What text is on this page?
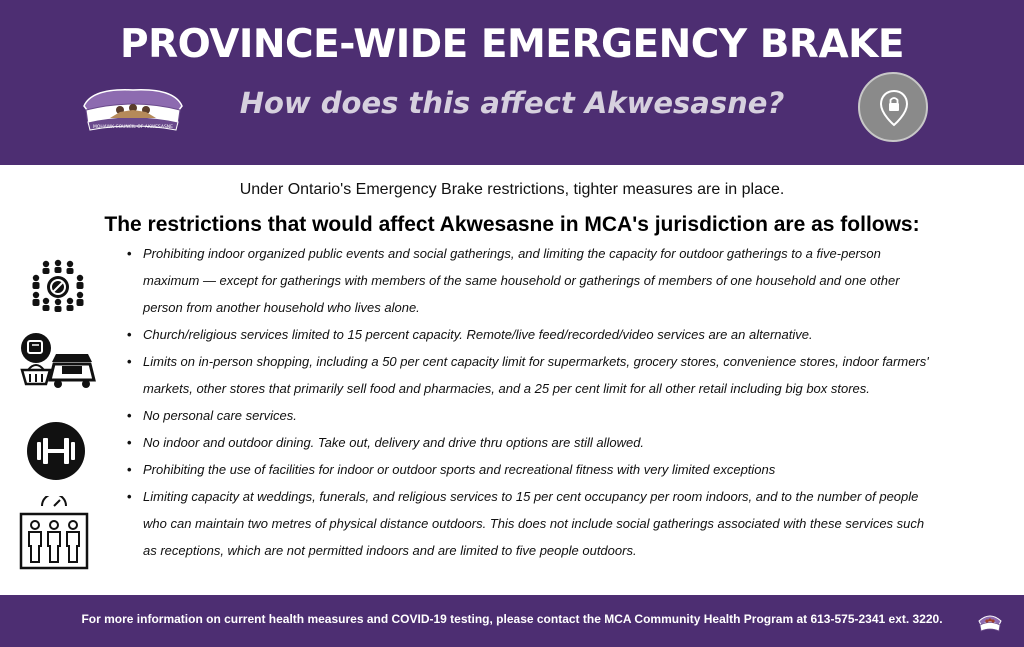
PROVINCE-WIDE EMERGENCY BRAKE
How does this affect Akwesasne?
MOHAWK COUNCIL OF AKWESASNE
Under Ontario's Emergency Brake restrictions, tighter measures are in place.
The restrictions that would affect Akwesasne in MCA's jurisdiction are as follows:
• Prohibiting indoor organized public events and social gatherings, and limiting the capacity for outdoor gatherings to a five-person maximum — except for gatherings with members of the same household or gatherings of members of one household and one other person from another household who lives alone.
• Church/religious services limited to 15 percent capacity. Remote/live feed/recorded/video services are an alternative.
• Limits on in-person shopping, including a 50 per cent capacity limit for supermarkets, grocery stores, convenience stores, indoor farmers' markets, other stores that primarily sell food and pharmacies, and a 25 per cent limit for all other retail including big box stores.
• No personal care services.
• No indoor and outdoor dining. Take out, delivery and drive thru options are still allowed.
• Prohibiting the use of facilities for indoor or outdoor sports and recreational fitness with very limited exceptions
• Limiting capacity at weddings, funerals, and religious services to 15 per cent occupancy per room indoors, and to the number of people who can maintain two metres of physical distance outdoors. This does not include social gatherings associated with these services such as receptions, which are not permitted indoors and are limited to five people outdoors.
For more information on current health measures and COVID-19 testing, please contact the MCA Community Health Program at 613-575-2341 ext. 3220.
